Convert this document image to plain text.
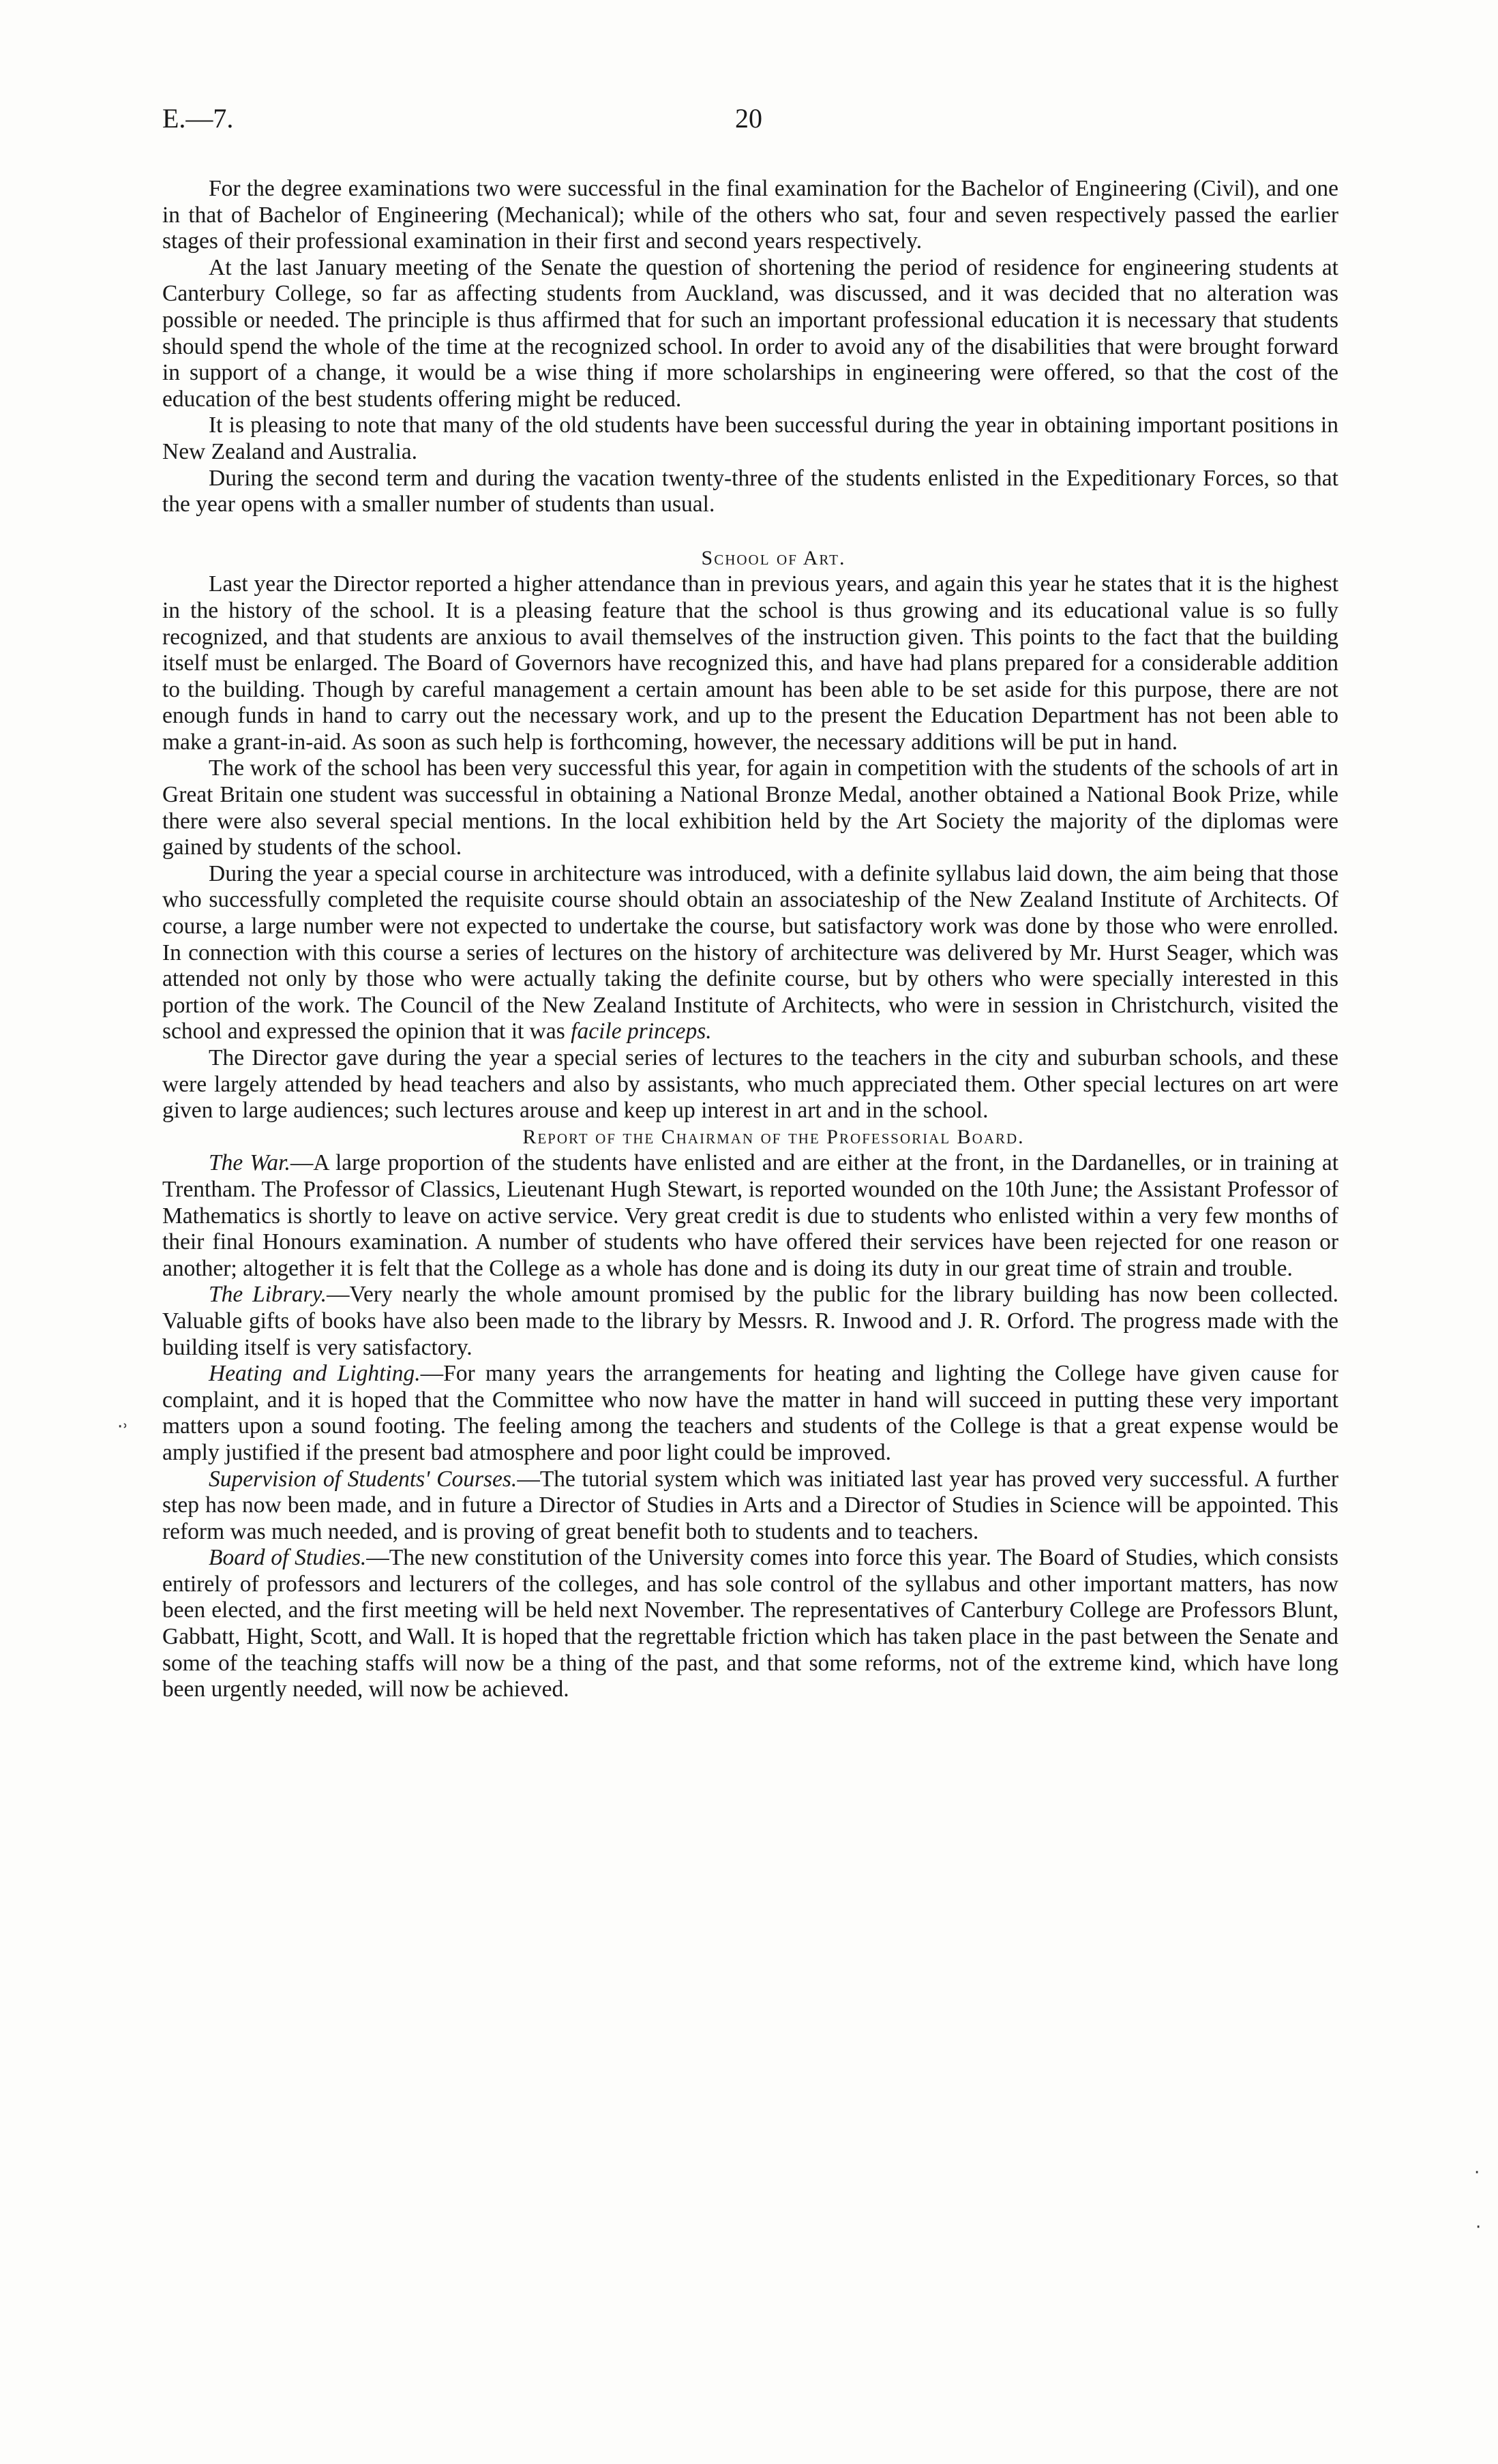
E.—7.	20

For the degree examinations two were successful in the final examination for the Bachelor of Engineering (Civil), and one in that of Bachelor of Engineering (Mechanical); while of the others who sat, four and seven respectively passed the earlier stages of their professional examination in their first and second years respectively.

At the last January meeting of the Senate the question of shortening the period of residence for engineering students at Canterbury College, so far as affecting students from Auckland, was discussed, and it was decided that no alteration was possible or needed. The principle is thus affirmed that for such an important professional education it is necessary that students should spend the whole of the time at the recognized school. In order to avoid any of the disabilities that were brought forward in support of a change, it would be a wise thing if more scholarships in engineering were offered, so that the cost of the education of the best students offering might be reduced.

It is pleasing to note that many of the old students have been successful during the year in obtaining important positions in New Zealand and Australia.

During the second term and during the vacation twenty-three of the students enlisted in the Expeditionary Forces, so that the year opens with a smaller number of students than usual.

School of Art.

Last year the Director reported a higher attendance than in previous years, and again this year he states that it is the highest in the history of the school. It is a pleasing feature that the school is thus growing and its educational value is so fully recognized, and that students are anxious to avail themselves of the instruction given. This points to the fact that the building itself must be enlarged. The Board of Governors have recognized this, and have had plans prepared for a considerable addition to the building. Though by careful management a certain amount has been able to be set aside for this purpose, there are not enough funds in hand to carry out the necessary work, and up to the present the Education Department has not been able to make a grant-in-aid. As soon as such help is forthcoming, however, the necessary additions will be put in hand.

The work of the school has been very successful this year, for again in competition with the students of the schools of art in Great Britain one student was successful in obtaining a National Bronze Medal, another obtained a National Book Prize, while there were also several special mentions. In the local exhibition held by the Art Society the majority of the diplomas were gained by students of the school.

During the year a special course in architecture was introduced, with a definite syllabus laid down, the aim being that those who successfully completed the requisite course should obtain an associateship of the New Zealand Institute of Architects. Of course, a large number were not expected to undertake the course, but satisfactory work was done by those who were enrolled. In connection with this course a series of lectures on the history of architecture was delivered by Mr. Hurst Seager, which was attended not only by those who were actually taking the definite course, but by others who were specially interested in this portion of the work. The Council of the New Zealand Institute of Architects, who were in session in Christchurch, visited the school and expressed the opinion that it was facile princeps.

The Director gave during the year a special series of lectures to the teachers in the city and suburban schools, and these were largely attended by head teachers and also by assistants, who much appreciated them. Other special lectures on art were given to large audiences; such lectures arouse and keep up interest in art and in the school.

Report of the Chairman of the Professorial Board.

The War.—A large proportion of the students have enlisted and are either at the front, in the Dardanelles, or in training at Trentham. The Professor of Classics, Lieutenant Hugh Stewart, is reported wounded on the 10th June; the Assistant Professor of Mathematics is shortly to leave on active service. Very great credit is due to students who enlisted within a very few months of their final Honours examination. A number of students who have offered their services have been rejected for one reason or another; altogether it is felt that the College as a whole has done and is doing its duty in our great time of strain and trouble.

The Library.—Very nearly the whole amount promised by the public for the library building has now been collected. Valuable gifts of books have also been made to the library by Messrs. R. Inwood and J. R. Orford. The progress made with the building itself is very satisfactory.

Heating and Lighting.—For many years the arrangements for heating and lighting the College have given cause for complaint, and it is hoped that the Committee who now have the matter in hand will succeed in putting these very important matters upon a sound footing. The feeling among the teachers and students of the College is that a great expense would be amply justified if the present bad atmosphere and poor light could be improved.

Supervision of Students' Courses.—The tutorial system which was initiated last year has proved very successful. A further step has now been made, and in future a Director of Studies in Arts and a Director of Studies in Science will be appointed. This reform was much needed, and is proving of great benefit both to students and to teachers.

Board of Studies.—The new constitution of the University comes into force this year. The Board of Studies, which consists entirely of professors and lecturers of the colleges, and has sole control of the syllabus and other important matters, has now been elected, and the first meeting will be held next November. The representatives of Canterbury College are Professors Blunt, Gabbatt, Hight, Scott, and Wall. It is hoped that the regrettable friction which has taken place in the past between the Senate and some of the teaching staffs will now be a thing of the past, and that some reforms, not of the extreme kind, which have long been urgently needed, will now be achieved.

·˒
·
·
